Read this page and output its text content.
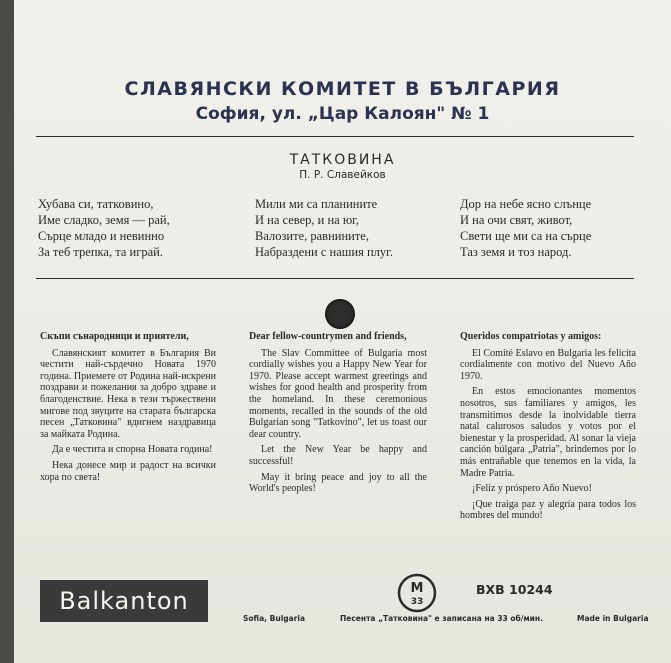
СЛАВЯНСКИ КОМИТЕТ В БЪЛГАРИЯ
София, ул. „Цар Калоян" № 1
ТАТКОВИНА
П. Р. Славейков
Хубава си, татковино,
Име сладко, земя — рай,
Сърце младо и невинно
За теб трепка, та играй.
Мили ми са планините
И на север, и на юг,
Валозите, равнините,
Набраздени с нашия плуг.
Дор на небе ясно слънце
И на очи свят, живот,
Свети ще ми са на сърце
Таз земя и тоз народ.
Скъпи сънародници и приятели,

Славянският комитет в България Ви честити най-сърдечно Новата 1970 година. Приемете от Родина най-искрени поздрави и пожелания за добро здраве и благоденствие. Нека в тези тържествени мигове под звуците на старата българска песен „Татковина" вдигнем наздравица за майката Родина.

Да е честита и спорна Новата година!

Нека донесе мир и радост на всички хора по света!

Dear fellow-countrymen and friends,

The Slav Committee of Bulgaria most cordially wishes you a Happy New Year for 1970. Please accept warmest greetings and wishes for good health and prosperity from the homeland. In these ceremonious moments, recalled in the sounds of the old Bulgarian song "Tatkovino", let us toast our dear country.

Let the New Year be happy and successful!

May it bring peace and joy to all the World's peoples!

Queridos compatriotas y amigos:

El Comité Eslavo en Bulgaria les felicita cordialmente con motivo del Nuevo Año 1970.

En estos emocionantes momentos nosotros, sus familiares y amigos, les transmitimos desde la inolvidable tierra natal calurosos saludos y votos por el bienestar y la prosperidad. Al sonar la vieja canción búlgara „Patria", brindemos por lo más entrañable que tenemos en la vida, la Madre Patria.

¡Feliz y próspero Año Nuevo!

¡Que traiga paz y alegría para todos los hombres del mundo!

Balkanton	M
33
BXB 10244
Sofia, Bulgaria	Песента „Татковина" е записана на 33 об/мин.	Made in Bulgaria
